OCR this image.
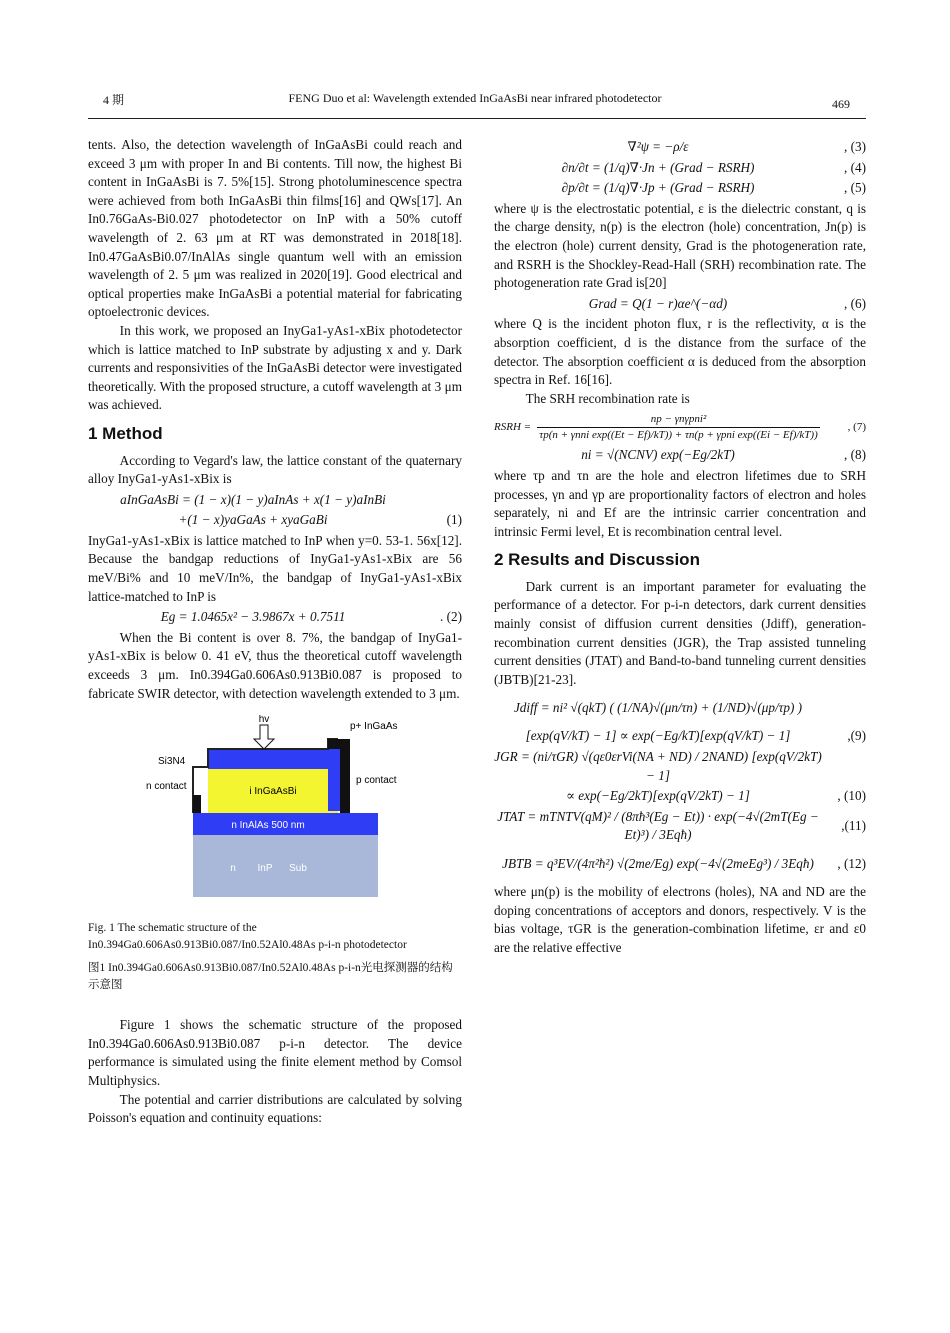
4 期	FENG Duo et al: Wavelength extended InGaAsBi near infrared photodetector	469

tents. Also, the detection wavelength of InGaAsBi could reach and exceed 3 μm with proper In and Bi contents. Till now, the highest Bi content in InGaAsBi is 7. 5%[15]. Strong photoluminescence spectra were achieved from both InGaAsBi thin films[16] and QWs[17]. An In0.76GaAs-Bi0.027 photodetector on InP with a 50% cutoff wavelength of 2. 63 μm at RT was demonstrated in 2018[18]. In0.47GaAsBi0.07/InAlAs single quantum well with an emission wavelength of 2. 5 μm was realized in 2020[19]. Good electrical and optical properties make InGaAsBi a potential material for fabricating optoelectronic devices.

In this work, we proposed an InyGa1-yAs1-xBix photodetector which is lattice matched to InP substrate by adjusting x and y. Dark currents and responsivities of the InGaAsBi detector were investigated theoretically. With the proposed structure, a cutoff wavelength at 3 μm was achieved.

1 Method

According to Vegard's law, the lattice constant of the quaternary alloy InyGa1-yAs1-xBix is

aInGaAsBi = (1 − x)(1 − y)aInAs + x(1 − y)aInBi
+(1 − x)yaGaAs + xyaGaBi	(1)

InyGa1-yAs1-xBix is lattice matched to InP when y=0. 53-1. 56x[12]. Because the bandgap reductions of InyGa1-yAs1-xBix are 56 meV/Bi% and 10 meV/In%, the bandgap of InyGa1-yAs1-xBix lattice-matched to InP is

Eg = 1.0465x² − 3.9867x + 0.7511	. (2)

When the Bi content is over 8. 7%, the bandgap of InyGa1-yAs1-xBix is below 0. 41 eV, thus the theoretical cutoff wavelength exceeds 3 μm. In0.394Ga0.606As0.913Bi0.087 is proposed to fabricate SWIR detector, with detection wavelength extended to 3 μm.

hv
p+ InGaAs
Si3N4
n contact
p contact
i InGaAsBi
n InAlAs 500 nm
n InP Sub

Fig. 1 The schematic structure of the In0.394Ga0.606As0.913Bi0.087/In0.52Al0.48As p-i-n photodetector

图1 In0.394Ga0.606As0.913Bi0.087/In0.52Al0.48As p-i-n光电探测器的结构示意图

Figure 1 shows the schematic structure of the proposed In0.394Ga0.606As0.913Bi0.087 p-i-n detector. The device performance is simulated using the finite element method by Comsol Multiphysics.

The potential and carrier distributions are calculated by solving Poisson's equation and continuity equations:

∇²ψ = −ρ/ε	, (3)
∂n/∂t = (1/q)∇·Jn + (Grad − RSRH)	, (4)
∂p/∂t = (1/q)∇·Jp + (Grad − RSRH)	, (5)

where ψ is the electrostatic potential, ε is the dielectric constant, q is the charge density, n(p) is the electron (hole) concentration, Jn(p) is the electron (hole) current density, Grad is the photogeneration rate, and RSRH is the Shockley-Read-Hall (SRH) recombination rate. The photogeneration rate Grad is[20]

Grad = Q(1 − r)αe^(−αd)	, (6)

where Q is the incident photon flux, r is the reflectivity, α is the absorption coefficient, d is the distance from the surface of the detector. The absorption coefficient α is deduced from the absorption spectra in Ref. 16[16].

The SRH recombination rate is

RSRH =
np − γnγpni²
τp(n + γnni exp((Et − Ef)/kT)) + τn(p + γpni exp((Ei − Ef)/kT))
, (7)
ni = √(NCNV) exp(−Eg/2kT)	, (8)

where τp and τn are the hole and electron lifetimes due to SRH processes, γn and γp are proportionality factors of electron and holes separately, ni and Ef are the intrinsic carrier concentration and intrinsic Fermi level, Et is recombination central level.

2 Results and Discussion

Dark current is an important parameter for evaluating the performance of a detector. For p-i-n detectors, dark current densities mainly consist of diffusion current densities (Jdiff), generation-recombination current densities (JGR), the Trap assisted tunneling current densities (JTAT) and Band-to-band tunneling current densities (JBTB)[21-23].

Jdiff = ni² √(qkT) ( (1/NA)√(μn/τn) + (1/ND)√(μp/τp) )
[exp(qV/kT) − 1] ∝ exp(−Eg/kT)[exp(qV/kT) − 1]	,(9)
JGR = (ni/τGR) √(qε0εrVi(NA + ND) / 2NAND) [exp(qV/2kT) − 1]
∝ exp(−Eg/2kT)[exp(qV/2kT) − 1]	, (10)
JTAT = mTNTV(qM)² / (8πħ³(Eg − Et)) · exp(−4√(2mT(Eg − Et)³) / 3Eqħ)
,(11)
JBTB = q³EV/(4π²ħ²) √(2me/Eg) exp(−4√(2meEg³) / 3Eqħ)	, (12)

where μn(p) is the mobility of electrons (holes), NA and ND are the doping concentrations of acceptors and donors, respectively. V is the bias voltage, τGR is the generation-combination lifetime, εr and ε0 are the relative effective
